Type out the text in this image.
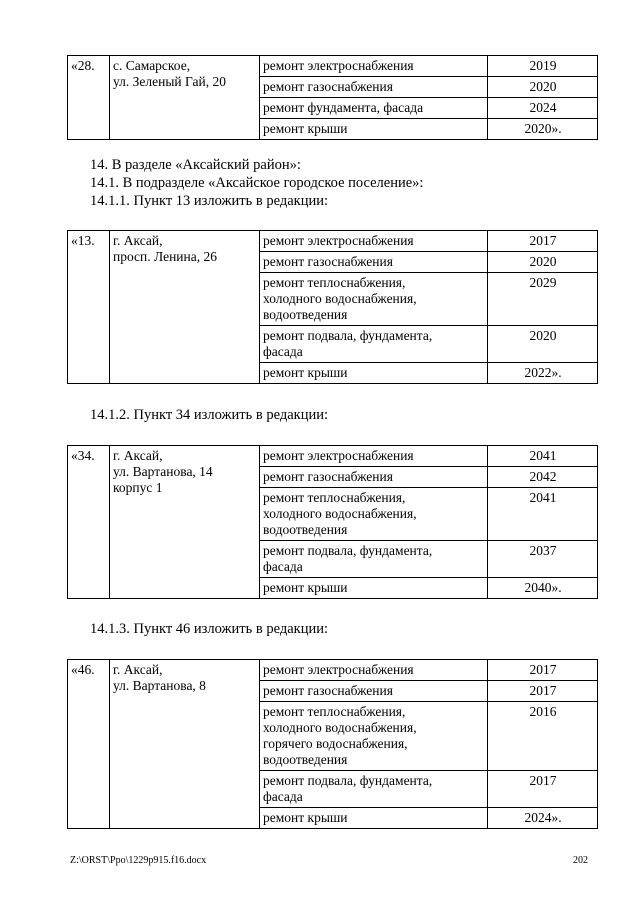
«28.	с. Самарское,
ул. Зеленый Гай, 20	ремонт электроснабжения	2019
		ремонт газоснабжения	2020
		ремонт фундамента, фасада	2024
		ремонт крыши	2020».

14. В разделе «Аксайский район»:

14.1. В подразделе «Аксайское городское поселение»:

14.1.1. Пункт 13 изложить в редакции:

«13.	г. Аксай,
просп. Ленина, 26	ремонт электроснабжения	2017
		ремонт газоснабжения	2020
		ремонт теплоснабжения,
холодного водоснабжения,
водоотведения	2029
		ремонт подвала, фундамента,
фасада	2020
		ремонт крыши	2022».

14.1.2. Пункт 34 изложить в редакции:

«34.	г. Аксай,
ул. Вартанова, 14
корпус 1	ремонт электроснабжения	2041
		ремонт газоснабжения	2042
		ремонт теплоснабжения,
холодного водоснабжения,
водоотведения	2041
		ремонт подвала, фундамента,
фасада	2037
		ремонт крыши	2040».

14.1.3. Пункт 46 изложить в редакции:

«46.	г. Аксай,
ул. Вартанова, 8	ремонт электроснабжения	2017
		ремонт газоснабжения	2017
		ремонт теплоснабжения,
холодного водоснабжения,
горячего водоснабжения,
водоотведения	2016
		ремонт подвала, фундамента,
фасада	2017
		ремонт крыши	2024».
Z:\ORST\Ppo\1229p915.f16.docx	202
